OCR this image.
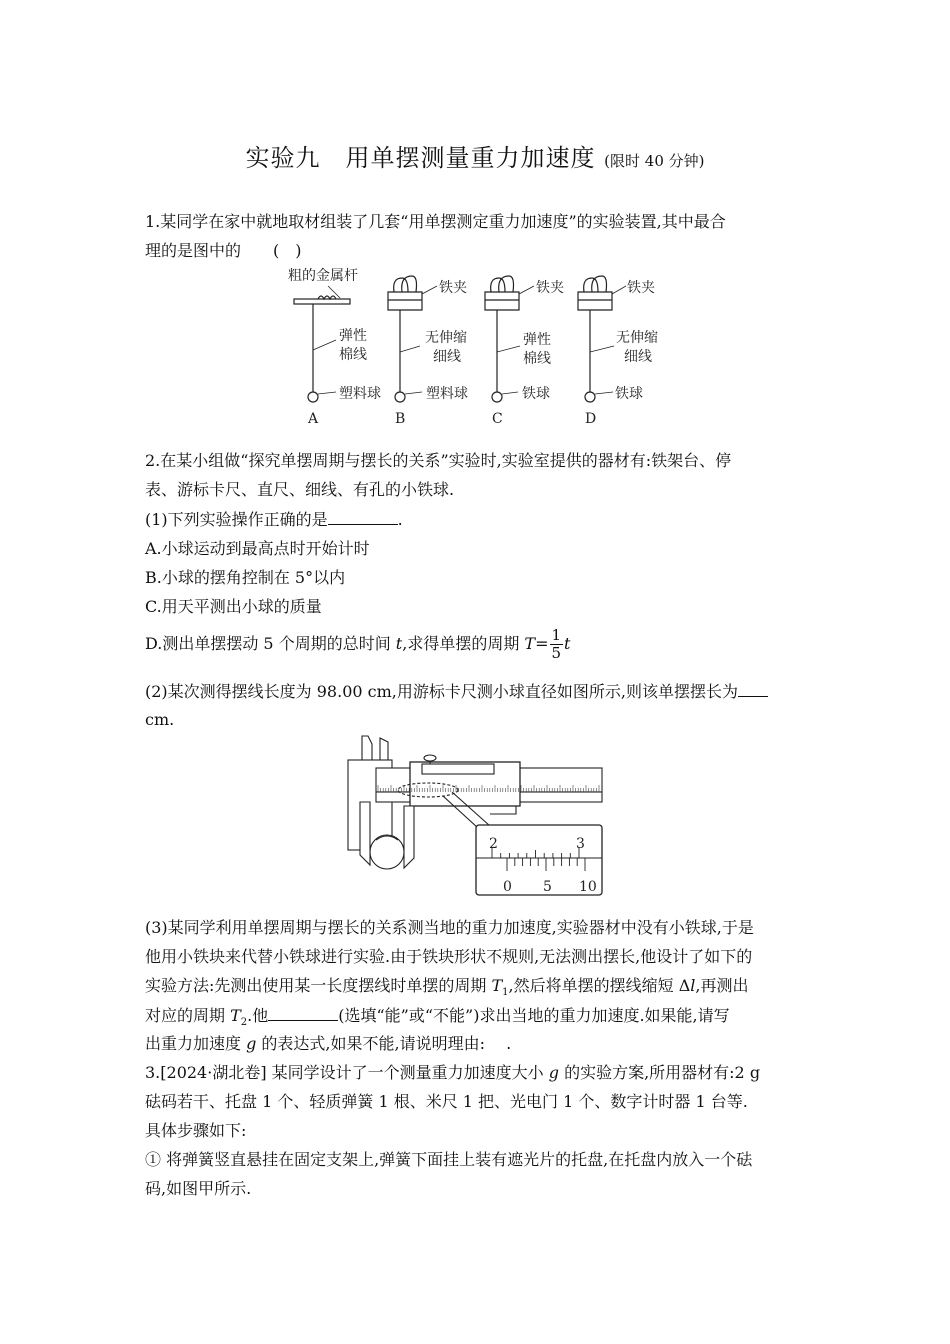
实验九　用单摆测量重力加速度 (限时 40 分钟)
1.某同学在家中就地取材组装了几套“用单摆测定重力加速度”的实验装置,其中最合
理的是图中的　　(　)
粗的金属杆
弹性
棉线
塑料球
铁夹
无伸缩
细线
塑料球
铁夹
弹性
棉线
铁球
铁夹
无伸缩
细线
铁球
A	B	C	D
2.在某小组做“探究单摆周期与摆长的关系”实验时,实验室提供的器材有:铁架台、停
表、游标卡尺、直尺、细线、有孔的小铁球.
(1)下列实验操作正确的是	.
A.小球运动到最高点时开始计时
B.小球的摆角控制在 5°以内
C.用天平测出小球的质量
D.测出单摆摆动 5 个周期的总时间 t,求得单摆的周期 $T= \frac{1}{5}$ t
(2)某次测得摆线长度为 98.00 cm,用游标卡尺测小球直径如图所示,则该单摆摆长为
cm.
2	3
0 5 10
(3)某同学利用单摆周期与摆长的关系测当地的重力加速度,实验器材中没有小铁球,于是
他用小铁块来代替小铁球进行实验.由于铁块形状不规则,无法测出摆长,他设计了如下的
实验方法:先测出使用某一长度摆线时单摆的周期 $T_1$,然后将单摆的摆线缩短 Δl,再测出
对应的周期 $T_2$.他	(选填“能”或“不能”)求出当地的重力加速度.如果能,请写
出重力加速度 g 的表达式,如果不能,请说明理由:　 .
3.[2024·湖北卷] 某同学设计了一个测量重力加速度大小 g 的实验方案,所用器材有:2 g
砝码若干、托盘 1 个、轻质弹簧 1 根、米尺 1 把、光电门 1 个、数字计时器 1 台等.
具体步骤如下:
① 将弹簧竖直悬挂在固定支架上,弹簧下面挂上装有遮光片的托盘,在托盘内放入一个砝
码,如图甲所示.
